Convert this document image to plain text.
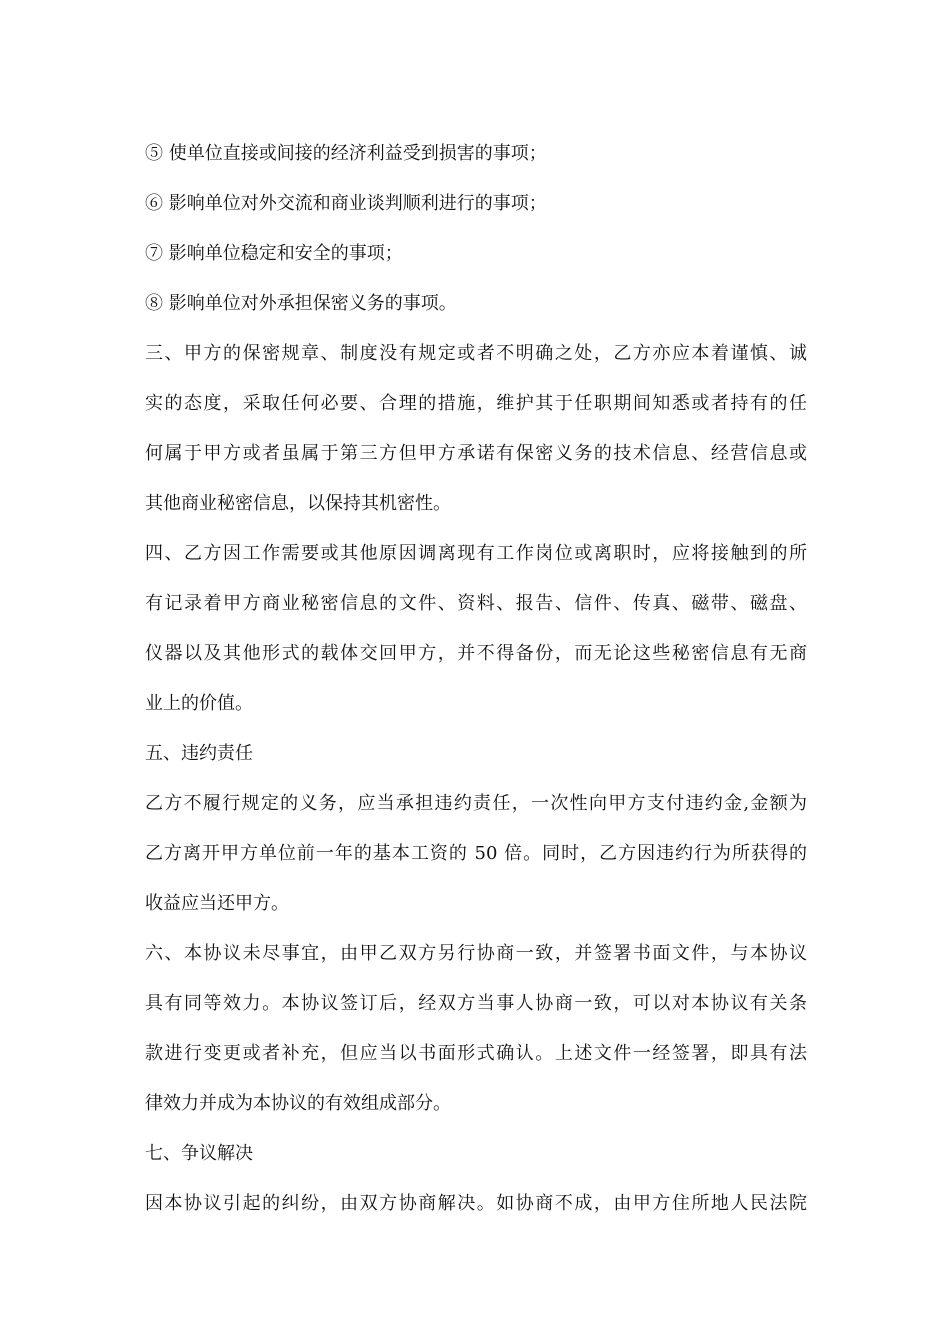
⑤ 使单位直接或间接的经济利益受到损害的事项；
⑥ 影响单位对外交流和商业谈判顺利进行的事项；
⑦ 影响单位稳定和安全的事项；
⑧ 影响单位对外承担保密义务的事项。
三、甲方的保密规章、制度没有规定或者不明确之处，乙方亦应本着谨慎、诚
实的态度，采取任何必要、合理的措施，维护其于任职期间知悉或者持有的任
何属于甲方或者虽属于第三方但甲方承诺有保密义务的技术信息、经营信息或
其他商业秘密信息，以保持其机密性。
四、乙方因工作需要或其他原因调离现有工作岗位或离职时，应将接触到的所
有记录着甲方商业秘密信息的文件、资料、报告、信件、传真、磁带、磁盘、
仪器以及其他形式的载体交回甲方，并不得备份，而无论这些秘密信息有无商
业上的价值。
五、违约责任
乙方不履行规定的义务，应当承担违约责任，一次性向甲方支付违约金,金额为
乙方离开甲方单位前一年的基本工资的 50 倍。同时，乙方因违约行为所获得的
收益应当还甲方。
六、本协议未尽事宜，由甲乙双方另行协商一致，并签署书面文件，与本协议
具有同等效力。本协议签订后，经双方当事人协商一致，可以对本协议有关条
款进行变更或者补充，但应当以书面形式确认。上述文件一经签署，即具有法
律效力并成为本协议的有效组成部分。
七、争议解决
因本协议引起的纠纷，由双方协商解决。如协商不成，由甲方住所地人民法院
